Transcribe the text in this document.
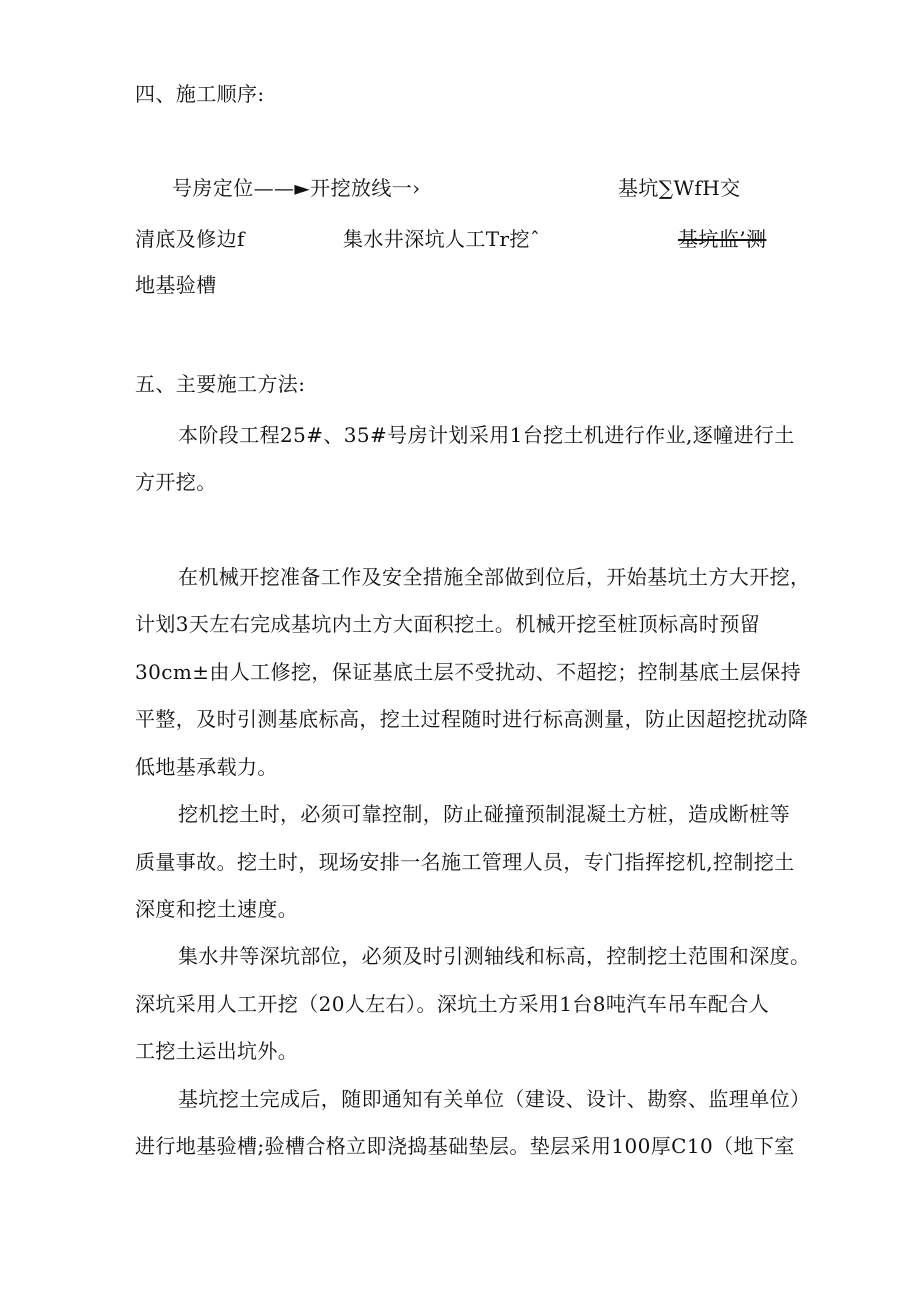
四、施工顺序:
号房定位——►开挖放线一›	基坑∑WfH交
清底及修边f	集水井深坑人工Tr挖ˆ	基坑监’测
地基验槽
五、主要施工方法:
本阶段工程25#、35#号房计划采用1台挖土机进行作业,逐幢进行土
方开挖。
在机械开挖准备工作及安全措施全部做到位后，开始基坑土方大开挖，
计划3天左右完成基坑内土方大面积挖土。机械开挖至桩顶标高时预留
30cm±由人工修挖，保证基底土层不受扰动、不超挖；控制基底土层保持
平整，及时引测基底标高，挖土过程随时进行标高测量，防止因超挖扰动降
低地基承载力。
挖机挖土时，必须可靠控制，防止碰撞预制混凝土方桩，造成断桩等
质量事故。挖土时，现场安排一名施工管理人员，专门指挥挖机,控制挖土
深度和挖土速度。
集水井等深坑部位，必须及时引测轴线和标高，控制挖土范围和深度。
深坑采用人工开挖（20人左右）。深坑土方采用1台8吨汽车吊车配合人
工挖土运出坑外。
基坑挖土完成后，随即通知有关单位（建设、设计、勘察、监理单位）
进行地基验槽;验槽合格立即浇捣基础垫层。垫层采用100厚C10（地下室
